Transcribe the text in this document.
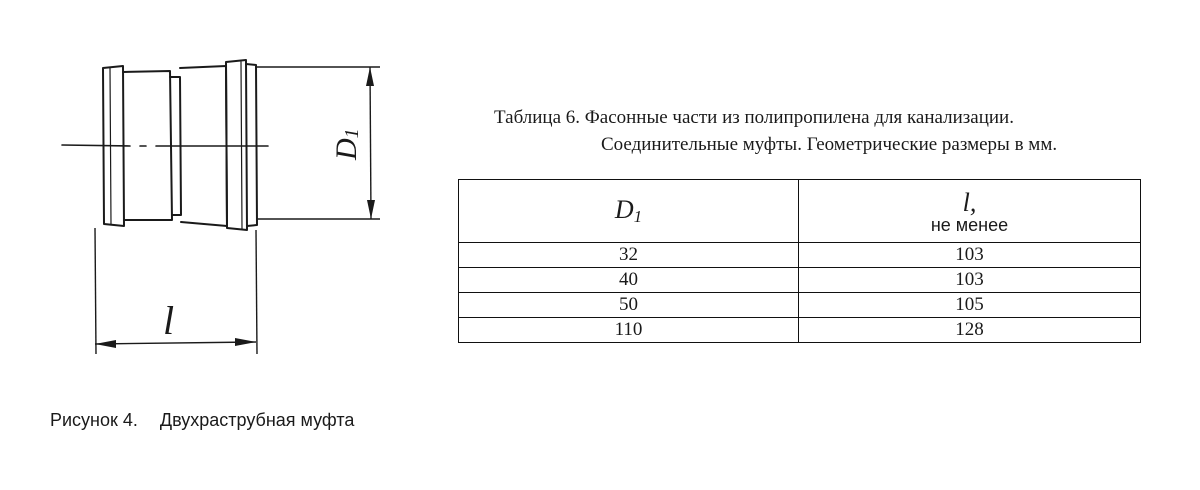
D1
l
Рисунок 4. Двухраструбная муфта
Таблица 6. Фасонные части из полипропилена для канализации.
Соединительные муфты. Геометрические размеры в мм.
$D_1$	l,
не менее

32	103
40	103
50	105
110	128
